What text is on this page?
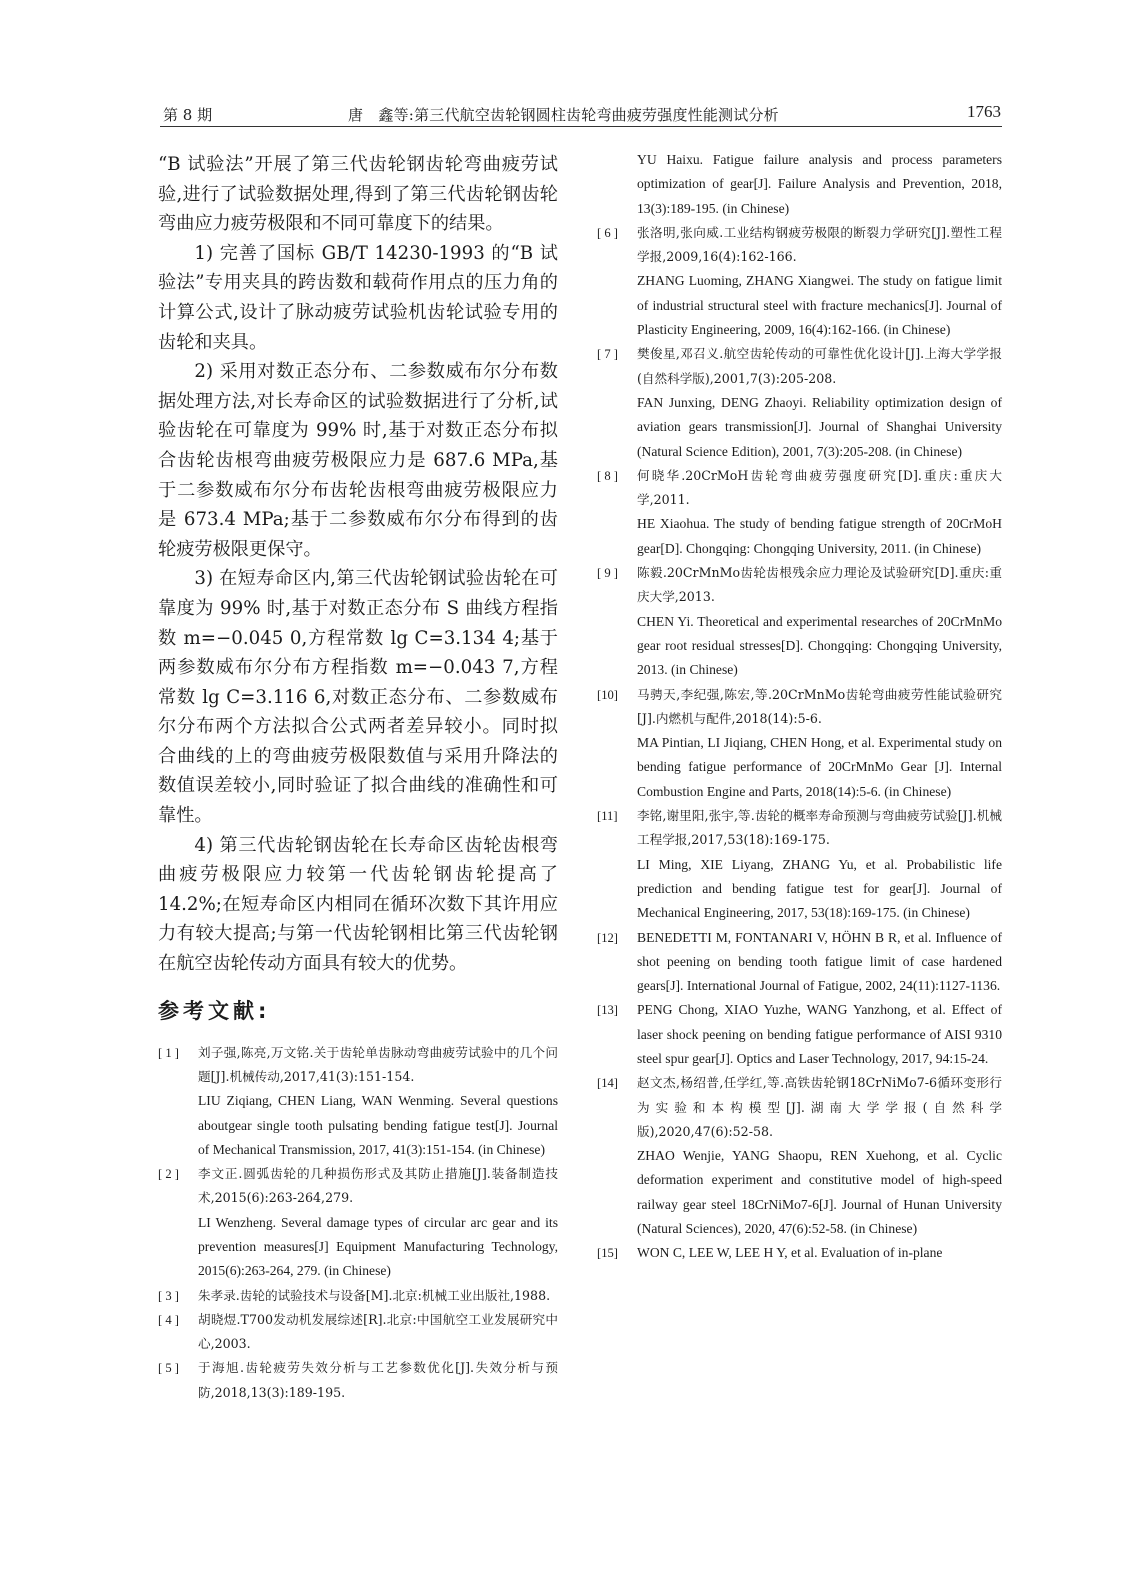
第 8 期	唐　鑫等:第三代航空齿轮钢圆柱齿轮弯曲疲劳强度性能测试分析	1763

“B 试验法”开展了第三代齿轮钢齿轮弯曲疲劳试验,进行了试验数据处理,得到了第三代齿轮钢齿轮弯曲应力疲劳极限和不同可靠度下的结果。

1) 完善了国标 GB/T 14230-1993 的“B 试验法”专用夹具的跨齿数和载荷作用点的压力角的计算公式,设计了脉动疲劳试验机齿轮试验专用的齿轮和夹具。

2) 采用对数正态分布、二参数威布尔分布数据处理方法,对长寿命区的试验数据进行了分析,试验齿轮在可靠度为 99% 时,基于对数正态分布拟合齿轮齿根弯曲疲劳极限应力是 687.6 MPa,基于二参数威布尔分布齿轮齿根弯曲疲劳极限应力是 673.4 MPa;基于二参数威布尔分布得到的齿轮疲劳极限更保守。

3) 在短寿命区内,第三代齿轮钢试验齿轮在可靠度为 99% 时,基于对数正态分布 S 曲线方程指数 m=−0.045 0,方程常数 lg C=3.134 4;基于两参数威布尔分布方程指数 m=−0.043 7,方程常数 lg C=3.116 6,对数正态分布、二参数威布尔分布两个方法拟合公式两者差异较小。同时拟合曲线的上的弯曲疲劳极限数值与采用升降法的数值误差较小,同时验证了拟合曲线的准确性和可靠性。

4) 第三代齿轮钢齿轮在长寿命区齿轮齿根弯曲疲劳极限应力较第一代齿轮钢齿轮提高了 14.2%;在短寿命区内相同在循环次数下其许用应力有较大提高;与第一代齿轮钢相比第三代齿轮钢在航空齿轮传动方面具有较大的优势。

参考文献:
[ 1 ] 刘子强,陈亮,万文铭.关于齿轮单齿脉动弯曲疲劳试验中的几个问题[J].机械传动,2017,41(3):151-154.
LIU Ziqiang, CHEN Liang, WAN Wenming. Several questions aboutgear single tooth pulsating bending fatigue test[J]. Journal of Mechanical Transmission, 2017, 41(3):151-154. (in Chinese)
[ 2 ] 李文正.圆弧齿轮的几种损伤形式及其防止措施[J].装备制造技术,2015(6):263-264,279.
LI Wenzheng. Several damage types of circular arc gear and its prevention measures[J] Equipment Manufacturing Technology, 2015(6):263-264, 279. (in Chinese)
[ 3 ] 朱孝录.齿轮的试验技术与设备[M].北京:机械工业出版社,1988.
[ 4 ] 胡晓煜.T700发动机发展综述[R].北京:中国航空工业发展研究中心,2003.
[ 5 ] 于海旭.齿轮疲劳失效分析与工艺参数优化[J].失效分析与预防,2018,13(3):189-195.
YU Haixu. Fatigue failure analysis and process parameters optimization of gear[J]. Failure Analysis and Prevention, 2018, 13(3):189-195. (in Chinese)
[ 6 ] 张洛明,张向威.工业结构钢疲劳极限的断裂力学研究[J].塑性工程学报,2009,16(4):162-166.
ZHANG Luoming, ZHANG Xiangwei. The study on fatigue limit of industrial structural steel with fracture mechanics[J]. Journal of Plasticity Engineering, 2009, 16(4):162-166. (in Chinese)
[ 7 ] 樊俊星,邓召义.航空齿轮传动的可靠性优化设计[J].上海大学学报(自然科学版),2001,7(3):205-208.
FAN Junxing, DENG Zhaoyi. Reliability optimization design of aviation gears transmission[J]. Journal of Shanghai University (Natural Science Edition), 2001, 7(3):205-208. (in Chinese)
[ 8 ] 何晓华.20CrMoH齿轮弯曲疲劳强度研究[D].重庆:重庆大学,2011.
HE Xiaohua. The study of bending fatigue strength of 20CrMoH gear[D]. Chongqing: Chongqing University, 2011. (in Chinese)
[ 9 ] 陈毅.20CrMnMo齿轮齿根残余应力理论及试验研究[D].重庆:重庆大学,2013.
CHEN Yi. Theoretical and experimental researches of 20CrMnMo gear root residual stresses[D]. Chongqing: Chongqing University, 2013. (in Chinese)
[10] 马骋天,李纪强,陈宏,等.20CrMnMo齿轮弯曲疲劳性能试验研究[J].内燃机与配件,2018(14):5-6.
MA Pintian, LI Jiqiang, CHEN Hong, et al. Experimental study on bending fatigue performance of 20CrMnMo Gear [J]. Internal Combustion Engine and Parts, 2018(14):5-6. (in Chinese)
[11] 李铭,谢里阳,张宇,等.齿轮的概率寿命预测与弯曲疲劳试验[J].机械工程学报,2017,53(18):169-175.
LI Ming, XIE Liyang, ZHANG Yu, et al. Probabilistic life prediction and bending fatigue test for gear[J]. Journal of Mechanical Engineering, 2017, 53(18):169-175. (in Chinese)
[12] BENEDETTI M, FONTANARI V, HÖHN B R, et al. Influence of shot peening on bending tooth fatigue limit of case hardened gears[J]. International Journal of Fatigue, 2002, 24(11):1127-1136.
[13] PENG Chong, XIAO Yuzhe, WANG Yanzhong, et al. Effect of laser shock peening on bending fatigue performance of AISI 9310 steel spur gear[J]. Optics and Laser Technology, 2017, 94:15-24.
[14] 赵文杰,杨绍普,任学红,等.高铁齿轮钢18CrNiMo7-6循环变形行为实验和本构模型[J].湖南大学学报(自然科学版),2020,47(6):52-58.
ZHAO Wenjie, YANG Shaopu, REN Xuehong, et al. Cyclic deformation experiment and constitutive model of high-speed railway gear steel 18CrNiMo7-6[J]. Journal of Hunan University (Natural Sciences), 2020, 47(6):52-58. (in Chinese)
[15] WON C, LEE W, LEE H Y, et al. Evaluation of in-plane
